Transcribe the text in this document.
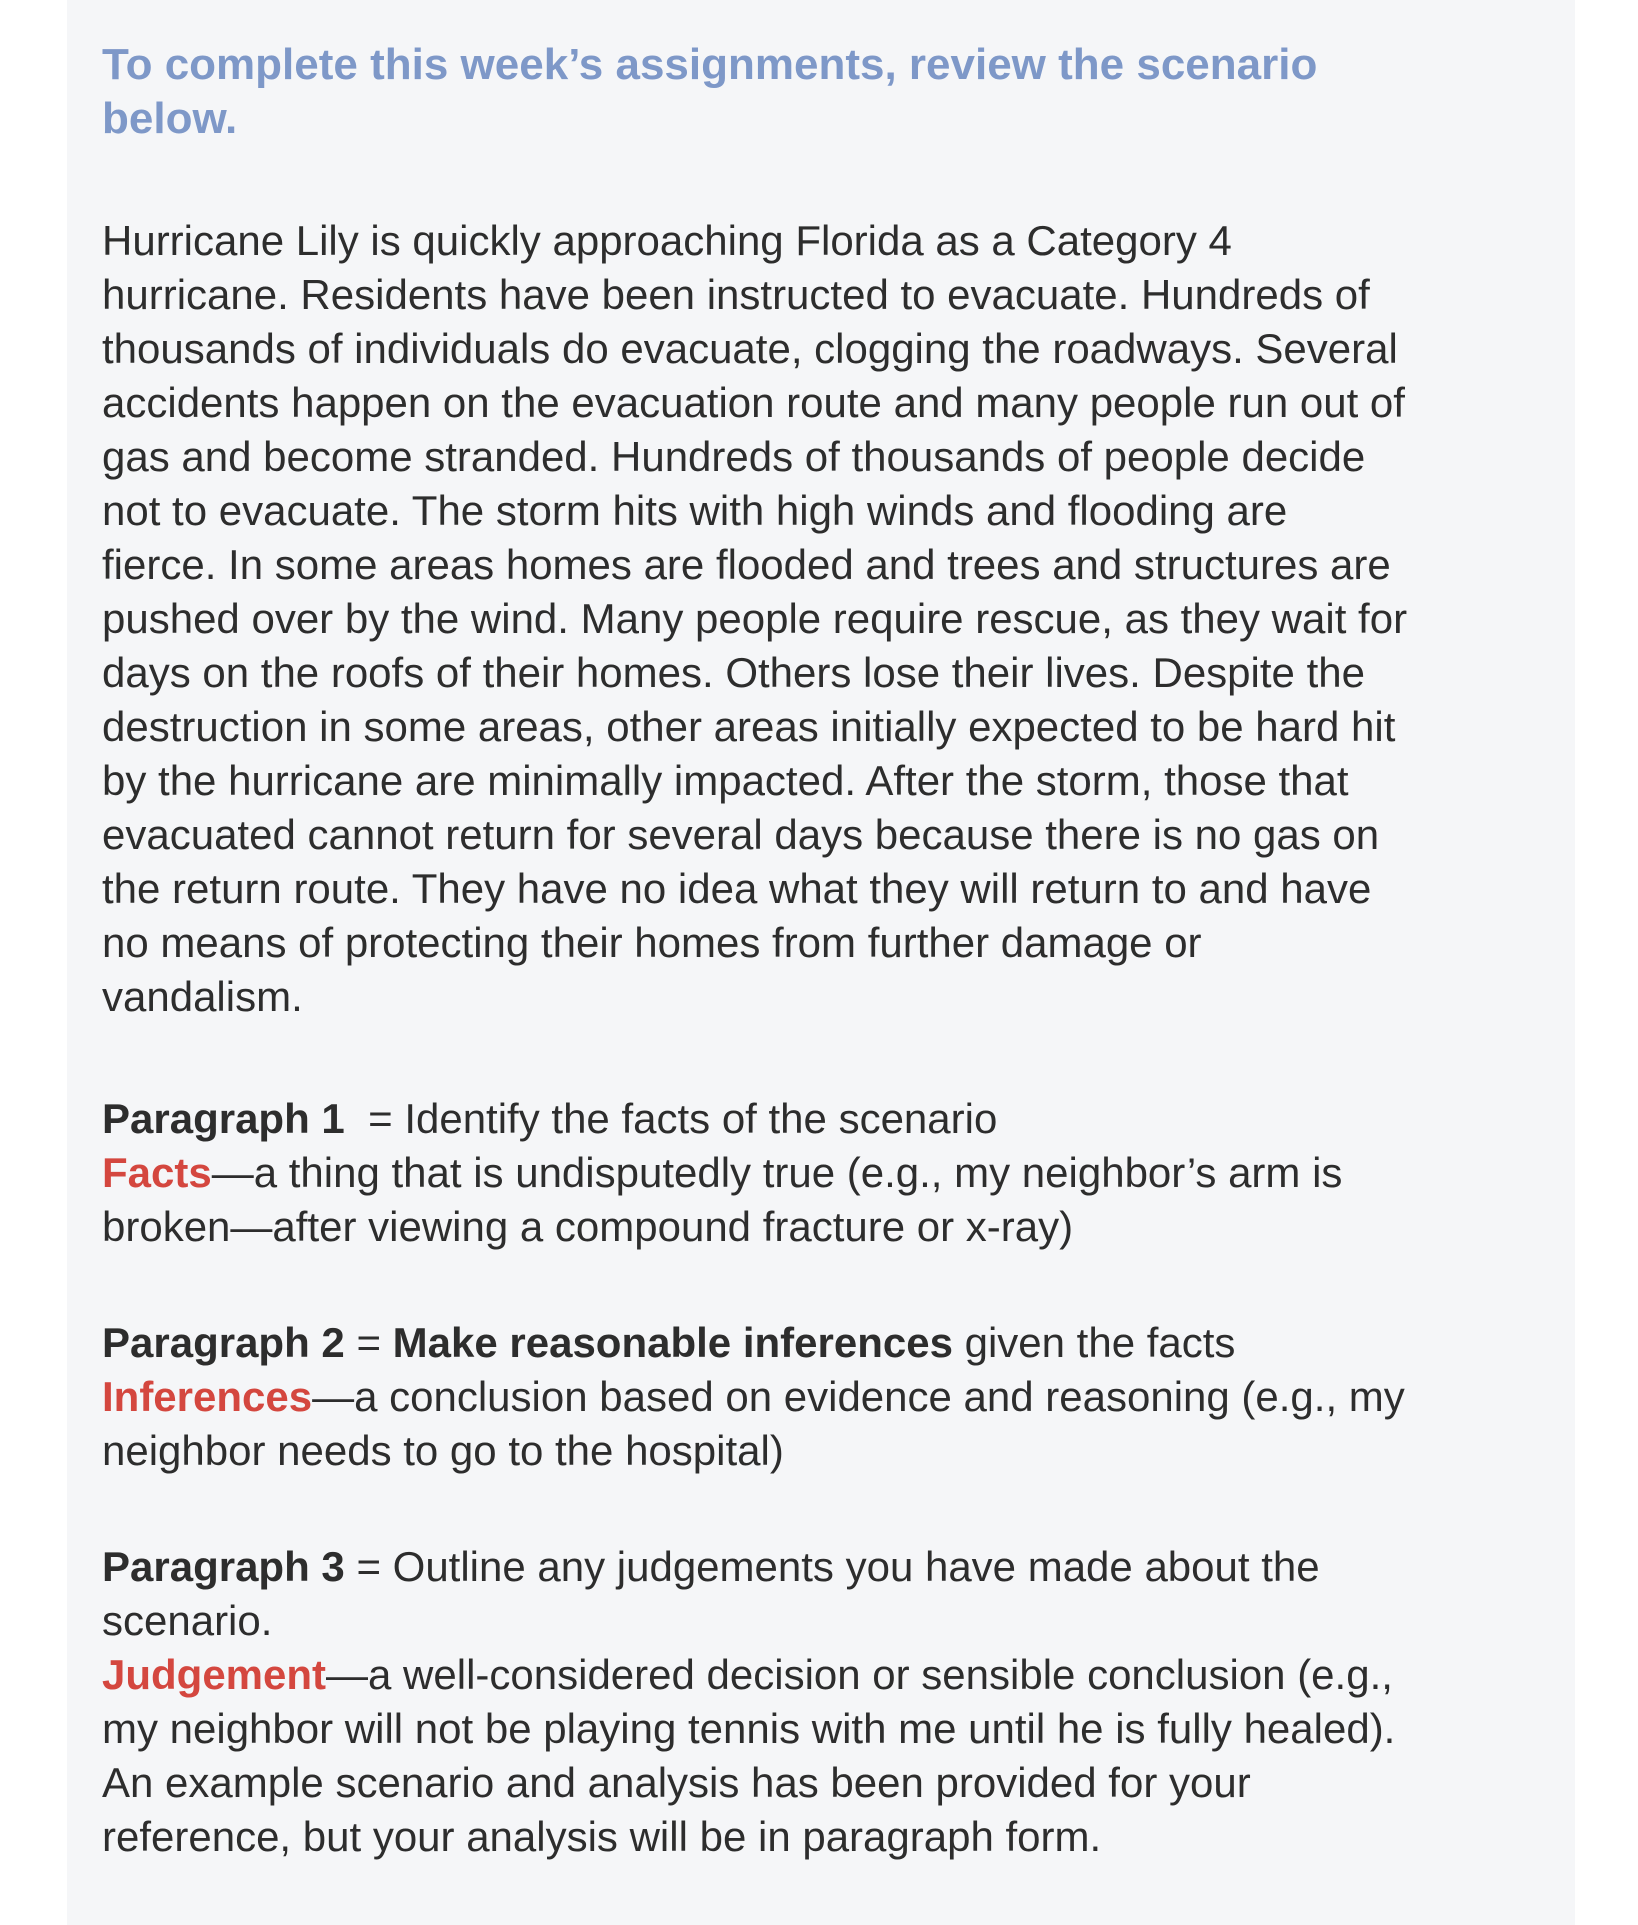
To complete this week’s assignments, review the scenario below.
Hurricane Lily is quickly approaching Florida as a Category 4
hurricane. Residents have been instructed to evacuate. Hundreds of
thousands of individuals do evacuate, clogging the roadways. Several
accidents happen on the evacuation route and many people run out of
gas and become stranded. Hundreds of thousands of people decide
not to evacuate. The storm hits with high winds and flooding are
fierce. In some areas homes are flooded and trees and structures are
pushed over by the wind. Many people require rescue, as they wait for
days on the roofs of their homes. Others lose their lives. Despite the
destruction in some areas, other areas initially expected to be hard hit
by the hurricane are minimally impacted. After the storm, those that
evacuated cannot return for several days because there is no gas on
the return route. They have no idea what they will return to and have
no means of protecting their homes from further damage or
vandalism.
Paragraph 1  = Identify the facts of the scenario
Facts—a thing that is undisputedly true (e.g., my neighbor’s arm is
broken—after viewing a compound fracture or x-ray)
Paragraph 2 = Make reasonable inferences given the facts
Inferences—a conclusion based on evidence and reasoning (e.g., my
neighbor needs to go to the hospital)
Paragraph 3 = Outline any judgements you have made about the
scenario.
Judgement—a well-considered decision or sensible conclusion (e.g.,
my neighbor will not be playing tennis with me until he is fully healed).
An example scenario and analysis has been provided for your
reference, but your analysis will be in paragraph form.
